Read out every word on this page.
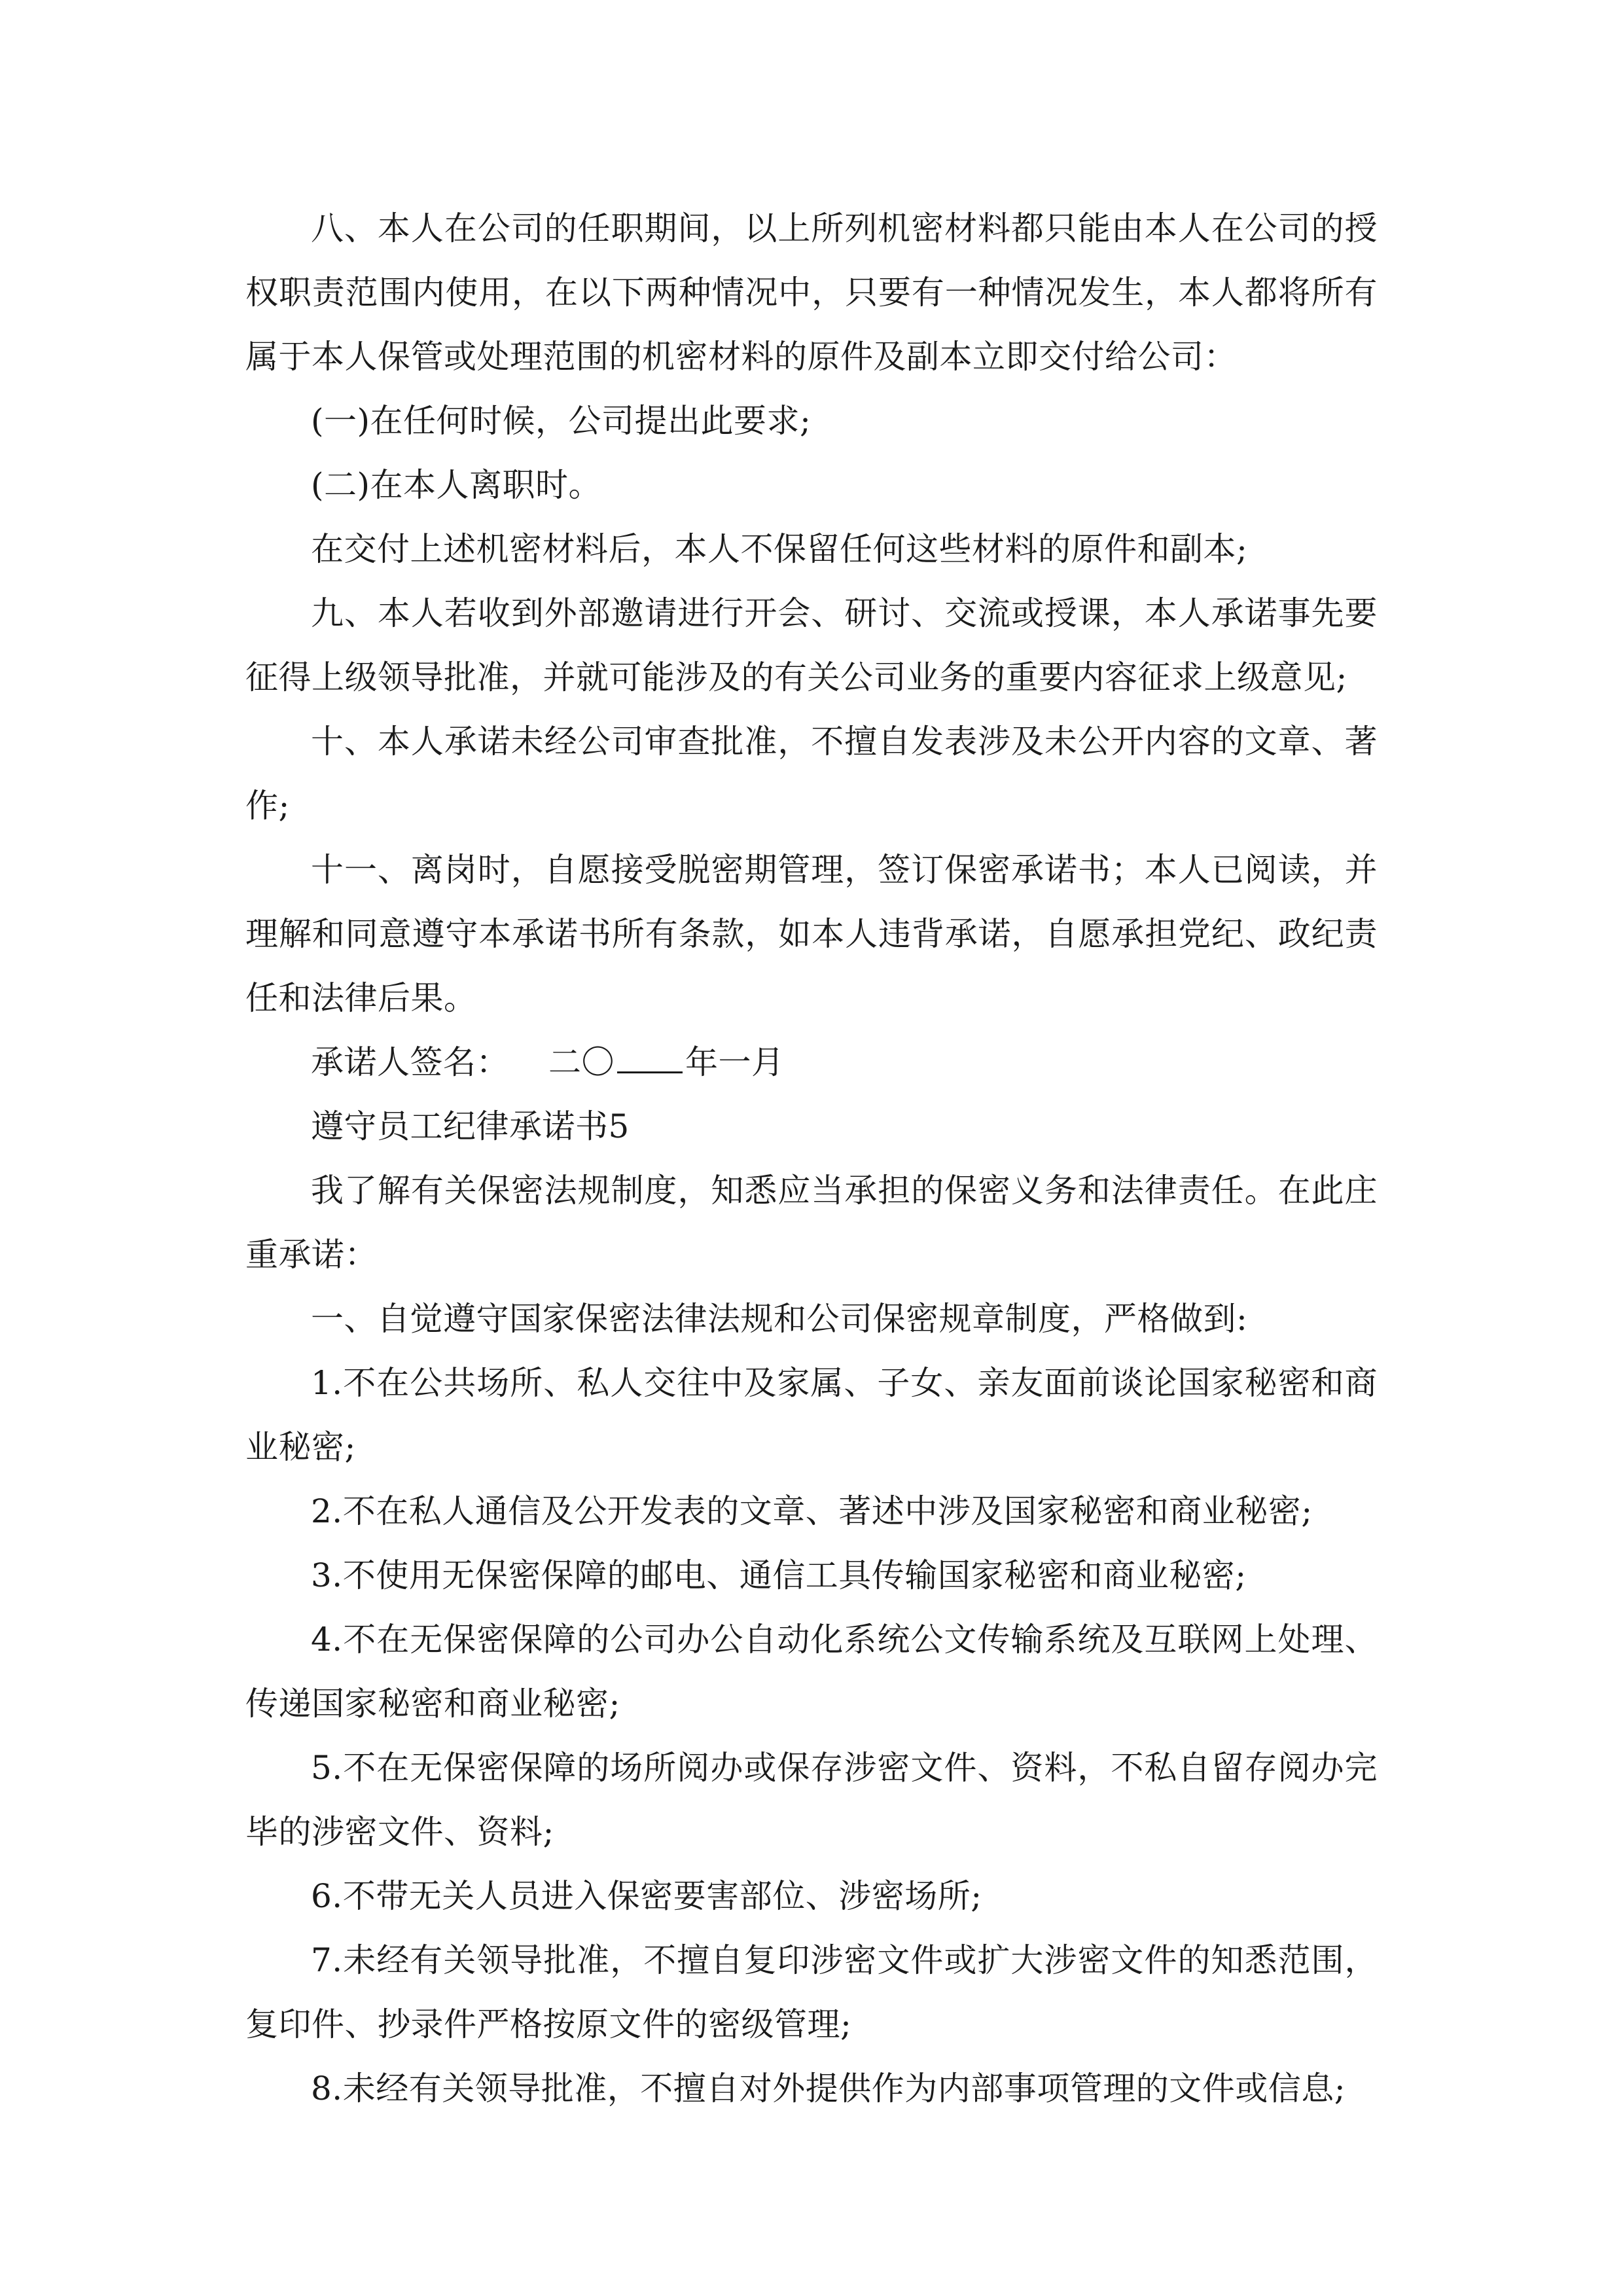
八、本人在公司的任职期间，以上所列机密材料都只能由本人在公司的授权职责范围内使用，在以下两种情况中，只要有一种情况发生，本人都将所有属于本人保管或处理范围的机密材料的原件及副本立即交付给公司：

(一)在任何时候，公司提出此要求;

(二)在本人离职时。

在交付上述机密材料后，本人不保留任何这些材料的原件和副本;

九、本人若收到外部邀请进行开会、研讨、交流或授课，本人承诺事先要征得上级领导批准，并就可能涉及的有关公司业务的重要内容征求上级意见;

十、本人承诺未经公司审查批准，不擅自发表涉及未公开内容的文章、著作;

十一、离岗时，自愿接受脱密期管理，签订保密承诺书；本人已阅读，并理解和同意遵守本承诺书所有条款，如本人违背承诺，自愿承担党纪、政纪责任和法律后果。

承诺人签名： 二〇 年一月

遵守员工纪律承诺书5

我了解有关保密法规制度，知悉应当承担的保密义务和法律责任。在此庄重承诺：

一、自觉遵守国家保密法律法规和公司保密规章制度，严格做到:

1.不在公共场所、私人交往中及家属、子女、亲友面前谈论国家秘密和商业秘密;

2.不在私人通信及公开发表的文章、著述中涉及国家秘密和商业秘密;

3.不使用无保密保障的邮电、通信工具传输国家秘密和商业秘密;

4.不在无保密保障的公司办公自动化系统公文传输系统及互联网上处理、传递国家秘密和商业秘密;

5.不在无保密保障的场所阅办或保存涉密文件、资料，不私自留存阅办完毕的涉密文件、资料;

6.不带无关人员进入保密要害部位、涉密场所;

7.未经有关领导批准，不擅自复印涉密文件或扩大涉密文件的知悉范围，复印件、抄录件严格按原文件的密级管理;

8.未经有关领导批准，不擅自对外提供作为内部事项管理的文件或信息;
